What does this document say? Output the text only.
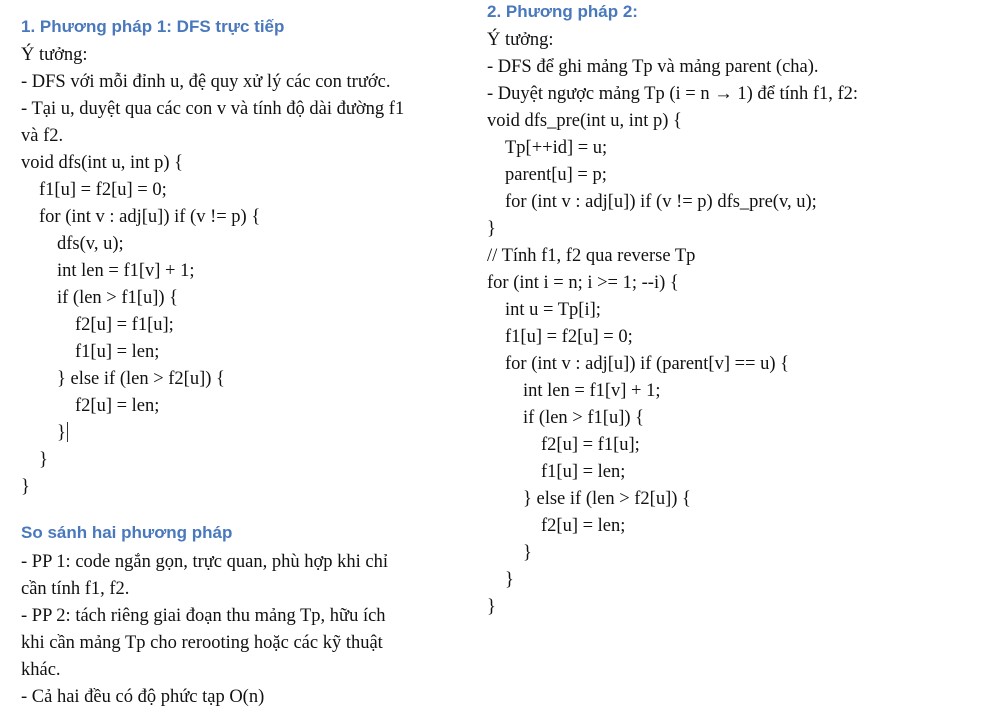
1. Phương pháp 1: DFS trực tiếp
Ý tưởng:
- DFS với mỗi đỉnh u, đệ quy xử lý các con trước.
- Tại u, duyệt qua các con v và tính độ dài đường f1
và f2.
void dfs(int u, int p) {
f1[u] = f2[u] = 0;
for (int v : adj[u]) if (v != p) {
dfs(v, u);
int len = f1[v] + 1;
if (len > f1[u]) {
f2[u] = f1[u];
f1[u] = len;
} else if (len > f2[u]) {
f2[u] = len;
}
}
}
So sánh hai phương pháp
- PP 1: code ngắn gọn, trực quan, phù hợp khi chỉ
cần tính f1, f2.
- PP 2: tách riêng giai đoạn thu mảng Tp, hữu ích
khi cần mảng Tp cho rerooting hoặc các kỹ thuật
khác.
- Cả hai đều có độ phức tạp O(n)
2. Phương pháp 2:
Ý tưởng:
- DFS để ghi mảng Tp và mảng parent (cha).
- Duyệt ngược mảng Tp (i = n → 1) để tính f1, f2:
void dfs_pre(int u, int p) {
Tp[++id] = u;
parent[u] = p;
for (int v : adj[u]) if (v != p) dfs_pre(v, u);
}
// Tính f1, f2 qua reverse Tp
for (int i = n; i >= 1; --i) {
int u = Tp[i];
f1[u] = f2[u] = 0;
for (int v : adj[u]) if (parent[v] == u) {
int len = f1[v] + 1;
if (len > f1[u]) {
f2[u] = f1[u];
f1[u] = len;
} else if (len > f2[u]) {
f2[u] = len;
}
}
}
